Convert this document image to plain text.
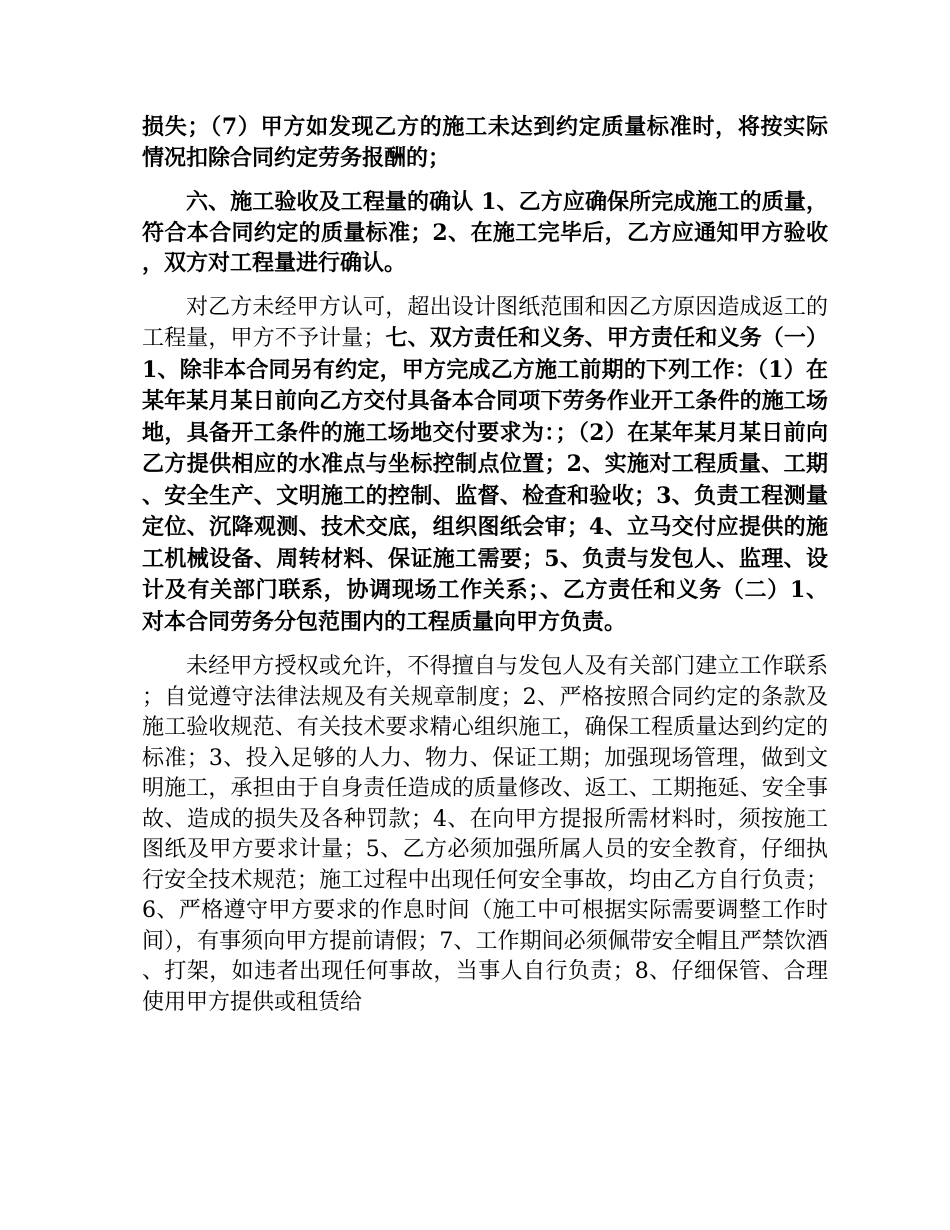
损失；（7）甲方如发现乙方的施工未达到约定质量标准时，将按实际情况扣除合同约定劳务报酬的；

六、施工验收及工程量的确认 1、乙方应确保所完成施工的质量，符合本合同约定的质量标准；2、在施工完毕后，乙方应通知甲方验收，双方对工程量进行确认。

对乙方未经甲方认可，超出设计图纸范围和因乙方原因造成返工的工程量，甲方不予计量；七、双方责任和义务、甲方责任和义务（一）1、除非本合同另有约定，甲方完成乙方施工前期的下列工作：（1）在某年某月某日前向乙方交付具备本合同项下劳务作业开工条件的施工场地，具备开工条件的施工场地交付要求为：；（2）在某年某月某日前向乙方提供相应的水准点与坐标控制点位置；2、实施对工程质量、工期、安全生产、文明施工的控制、监督、检查和验收；3、负责工程测量定位、沉降观测、技术交底，组织图纸会审；4、立马交付应提供的施工机械设备、周转材料、保证施工需要；5、负责与发包人、监理、设计及有关部门联系，协调现场工作关系；、乙方责任和义务（二）1、对本合同劳务分包范围内的工程质量向甲方负责。

未经甲方授权或允许，不得擅自与发包人及有关部门建立工作联系；自觉遵守法律法规及有关规章制度；2、严格按照合同约定的条款及施工验收规范、有关技术要求精心组织施工，确保工程质量达到约定的标准；3、投入足够的人力、物力、保证工期；加强现场管理，做到文明施工，承担由于自身责任造成的质量修改、返工、工期拖延、安全事故、造成的损失及各种罚款；4、在向甲方提报所需材料时，须按施工图纸及甲方要求计量；5、乙方必须加强所属人员的安全教育，仔细执行安全技术规范；施工过程中出现任何安全事故，均由乙方自行负责；6、严格遵守甲方要求的作息时间（施工中可根据实际需要调整工作时间），有事须向甲方提前请假；7、工作期间必须佩带安全帽且严禁饮酒、打架，如违者出现任何事故，当事人自行负责；8、仔细保管、合理使用甲方提供或租赁给
